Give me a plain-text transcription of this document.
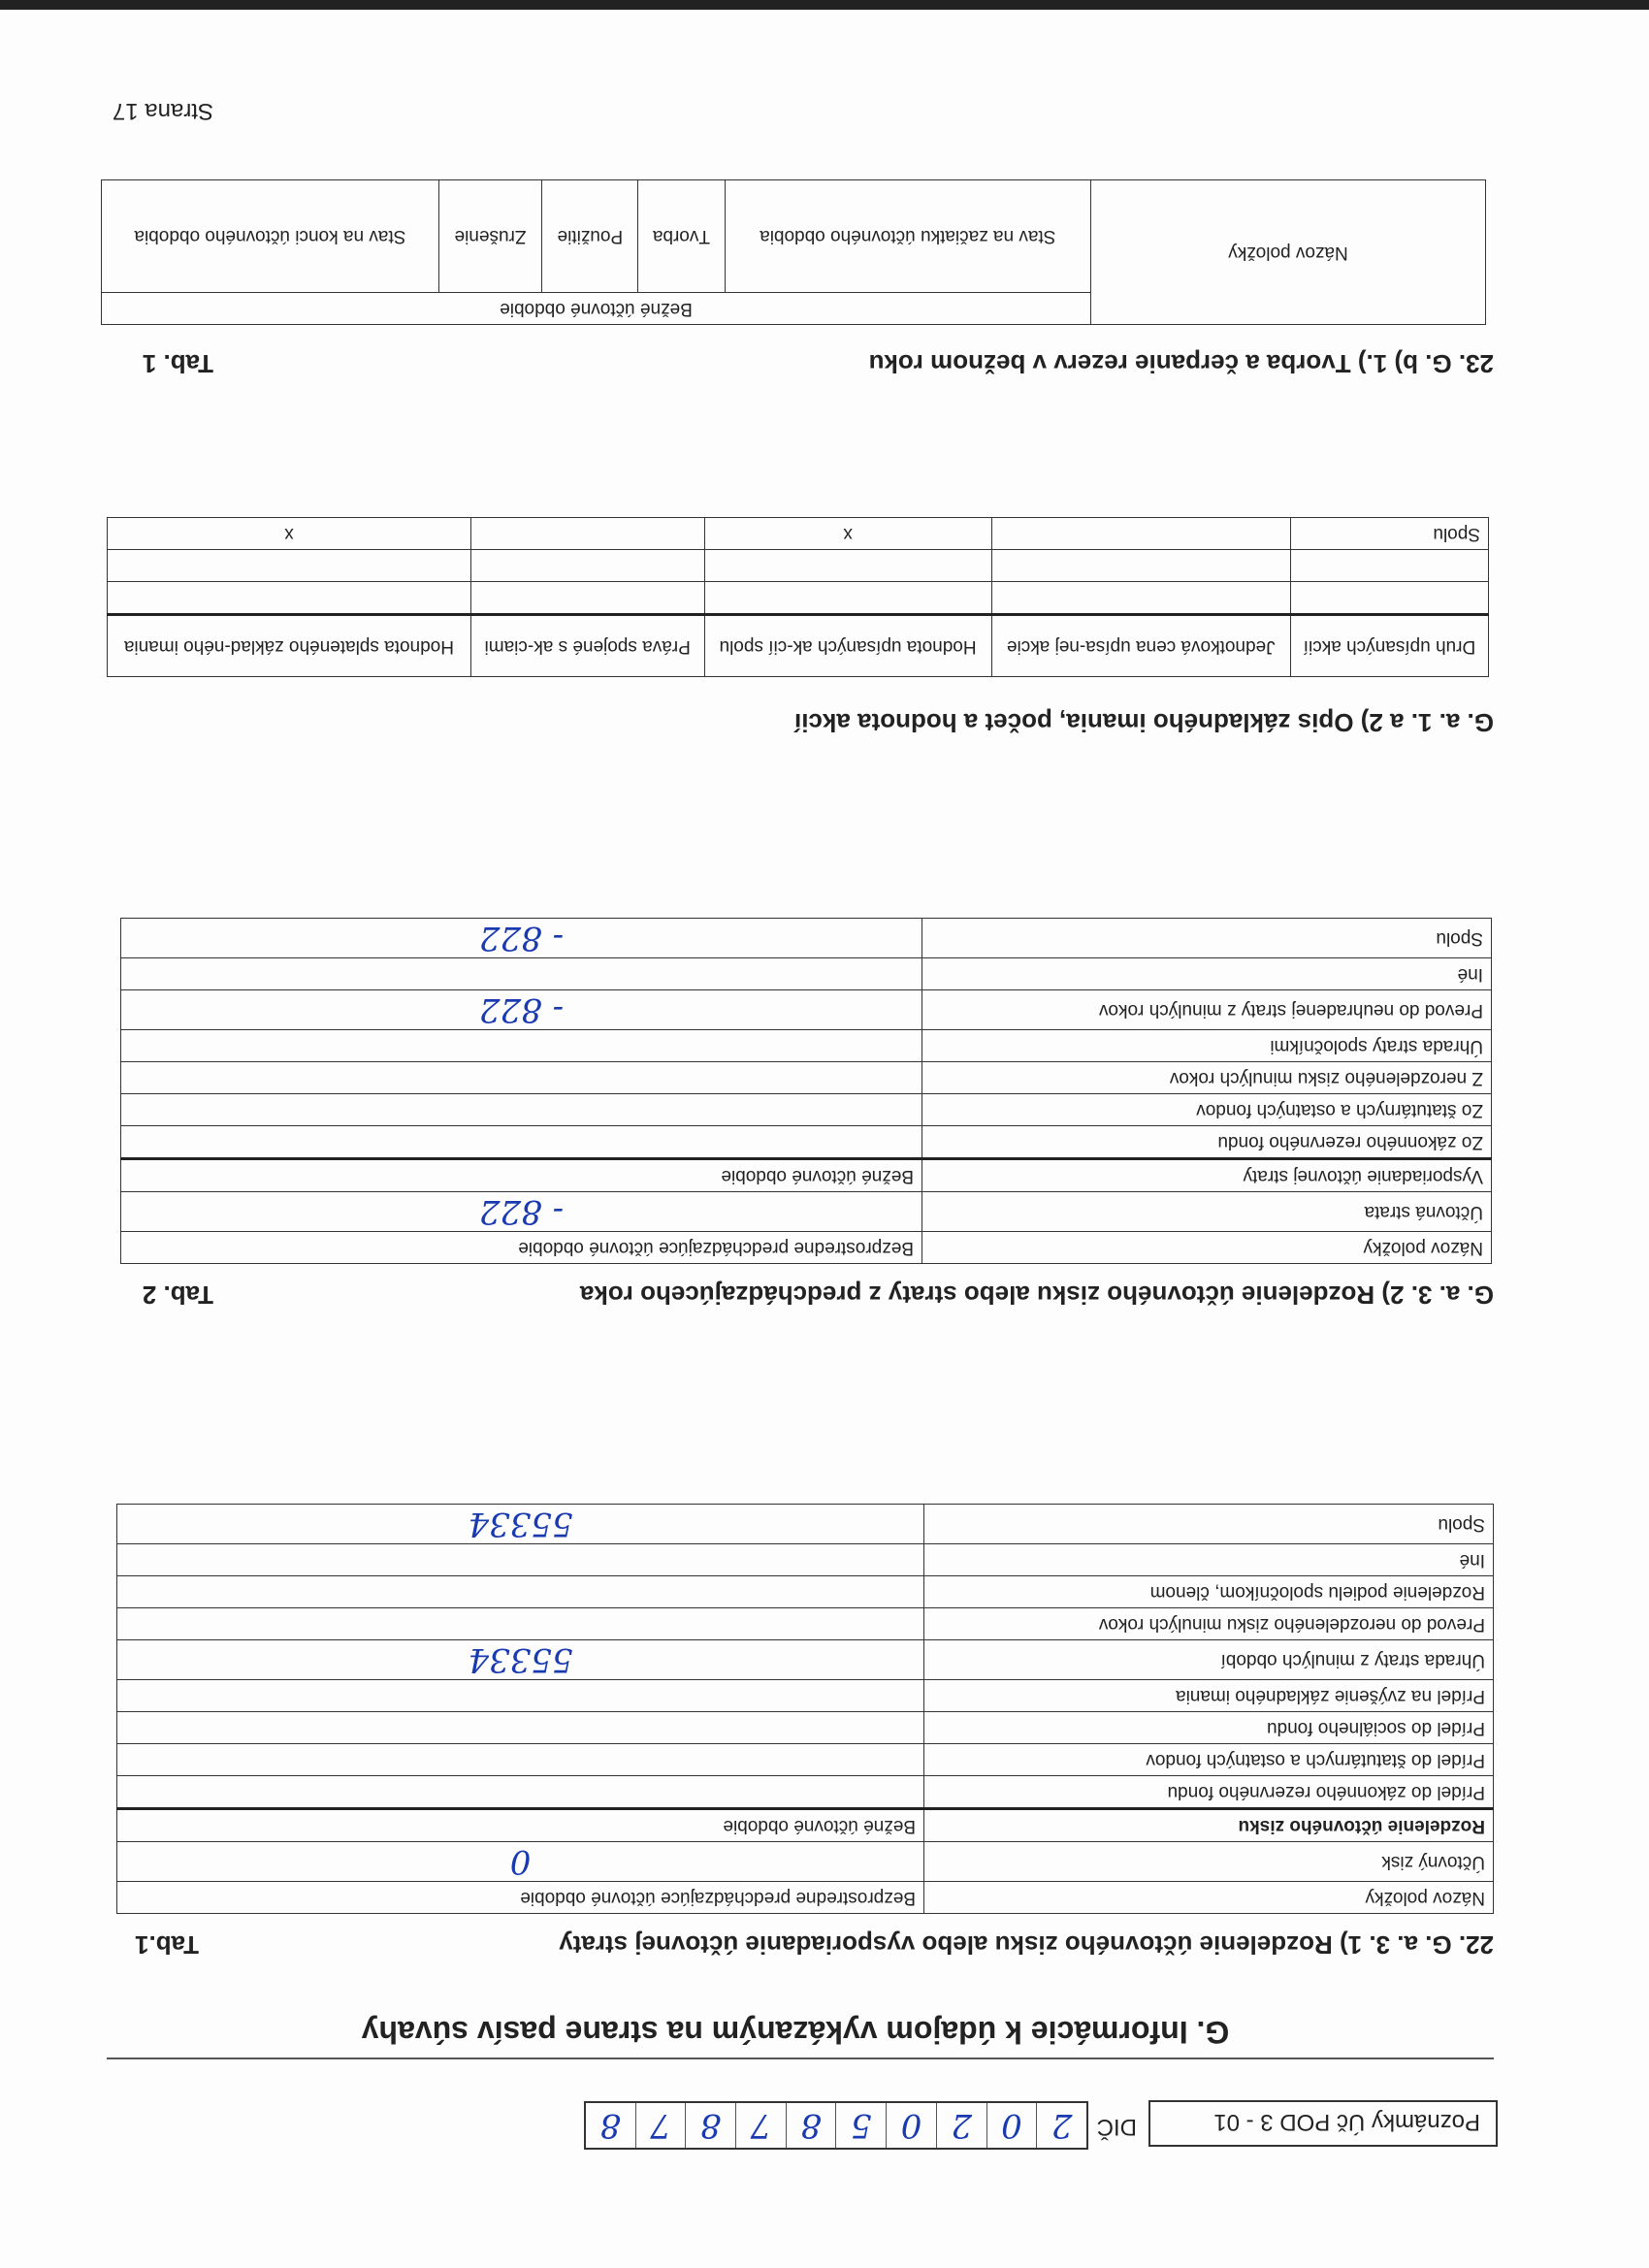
Poznámky Úč POD 3 - 01
DIČ
2
0
2
0
5
8
7
8
7
8
G. Informácie k údajom vykázaným na strane pasív súvahy
22. G. a. 3. 1) Rozdelenie účtovného zisku alebo vysporiadanie účtovnej straty
Tab.1
Názov položky	Bezprostredne predchádzajúce účtovné obdobie
Účtovný zisk	0
Rozdelenie účtovného zisku	Bežné účtovné obdobie
Prídel do zákonného rezervného fondu	
Prídel do štatutárnych a ostatných fondov	
Prídel do sociálneho fondu	
Prídel na zvýšenie základného imania	
Úhrada straty z minulých období	55334
Prevod do nerozdeleného zisku minulých rokov	
Rozdelenie podielu spoločníkom, členom	
Iné	
Spolu	55334
G. a. 3. 2) Rozdelenie účtovného zisku alebo straty z predchádzajúceho roka
Tab. 2
Názov položky	Bezprostredne predchádzajúce účtovné obdobie
Účtovná strata	- 822
Vysporiadanie účtovnej straty	Bežné účtovné obdobie
Zo zákonného rezervného fondu	
Zo štatutárnych a ostatných fondov	
Z nerozdeleného zisku minulých rokov	
Úhrada straty spoločníkmi	
Prevod do neuhradenej straty z minulých rokov	- 822
Iné	
Spolu	- 822
G. a. 1. a 2) Opis základného imania, počet a hodnota akcií
Druh upísaných akcií	Jednotková cena upísa-nej akcie	Hodnota upísaných ak-cií spolu	Práva spojené s ak-ciami	Hodnota splateného základ-ného imania

Spolu		x		x
23. G. b) 1.) Tvorba a čerpanie rezerv v bežnom roku
Tab. 1
Názov položky	Bežné účtovné obdobie				
	Stav na začiatku účtovného obdobia	Tvorba	Použitie	Zrušenie	Stav na konci účtovného obdobia
Strana 17
